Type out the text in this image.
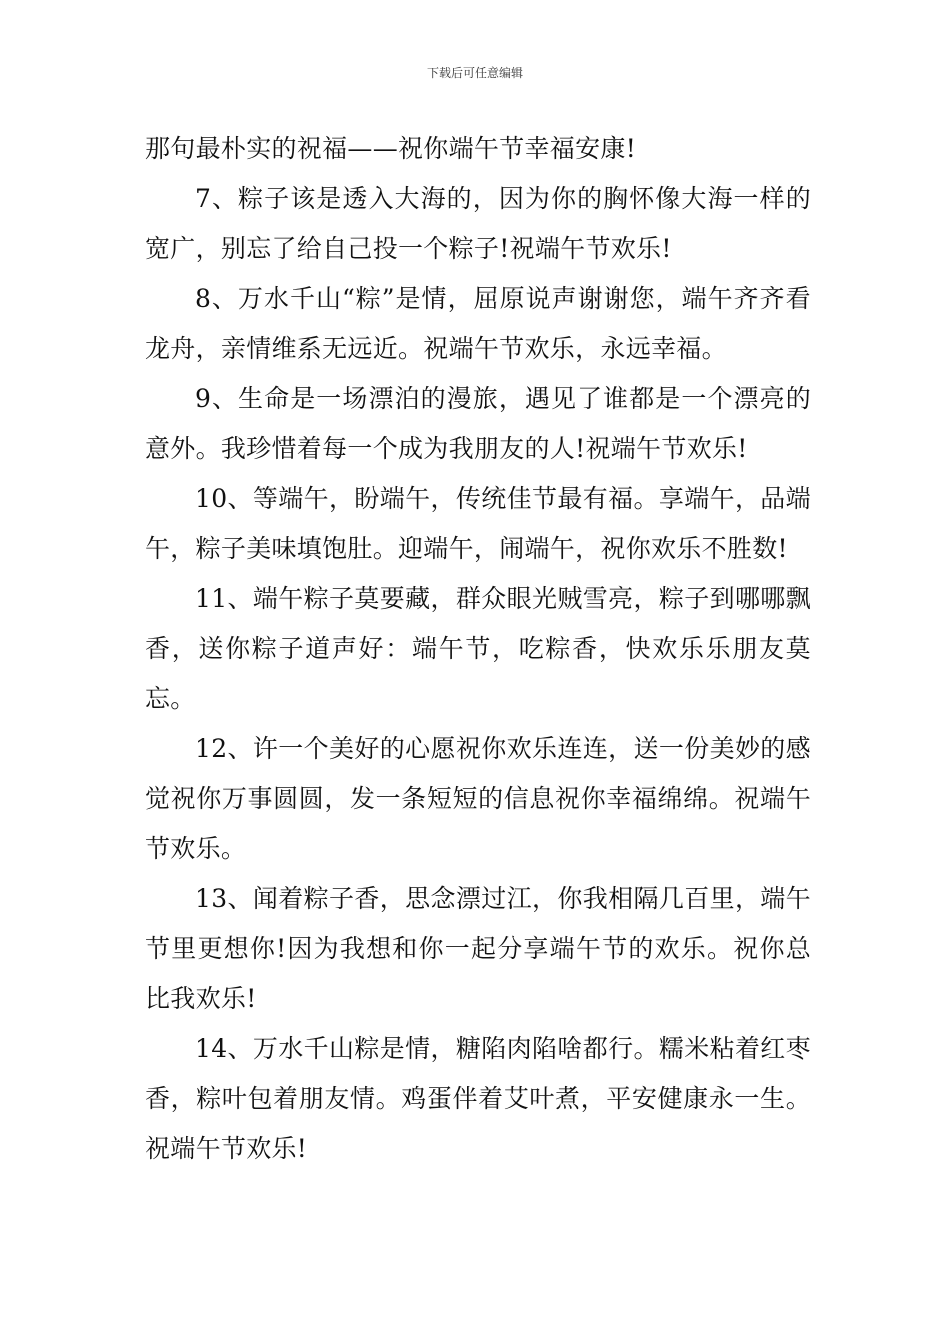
下载后可任意编辑

那句最朴实的祝福——祝你端午节幸福安康!

7、粽子该是透入大海的，因为你的胸怀像大海一样的宽广，别忘了给自己投一个粽子!祝端午节欢乐!

8、万水千山“粽”是情，屈原说声谢谢您，端午齐齐看龙舟，亲情维系无远近。祝端午节欢乐，永远幸福。

9、生命是一场漂泊的漫旅，遇见了谁都是一个漂亮的意外。我珍惜着每一个成为我朋友的人!祝端午节欢乐!

10、等端午，盼端午，传统佳节最有福。享端午，品端午，粽子美味填饱肚。迎端午，闹端午，祝你欢乐不胜数!

11、端午粽子莫要藏，群众眼光贼雪亮，粽子到哪哪飘香，送你粽子道声好：端午节，吃粽香，快欢乐乐朋友莫忘。

12、许一个美好的心愿祝你欢乐连连，送一份美妙的感觉祝你万事圆圆，发一条短短的信息祝你幸福绵绵。祝端午节欢乐。

13、闻着粽子香，思念漂过江，你我相隔几百里，端午节里更想你!因为我想和你一起分享端午节的欢乐。祝你总比我欢乐!

14、万水千山粽是情，糖陷肉陷啥都行。糯米粘着红枣香，粽叶包着朋友情。鸡蛋伴着艾叶煮，平安健康永一生。祝端午节欢乐!
